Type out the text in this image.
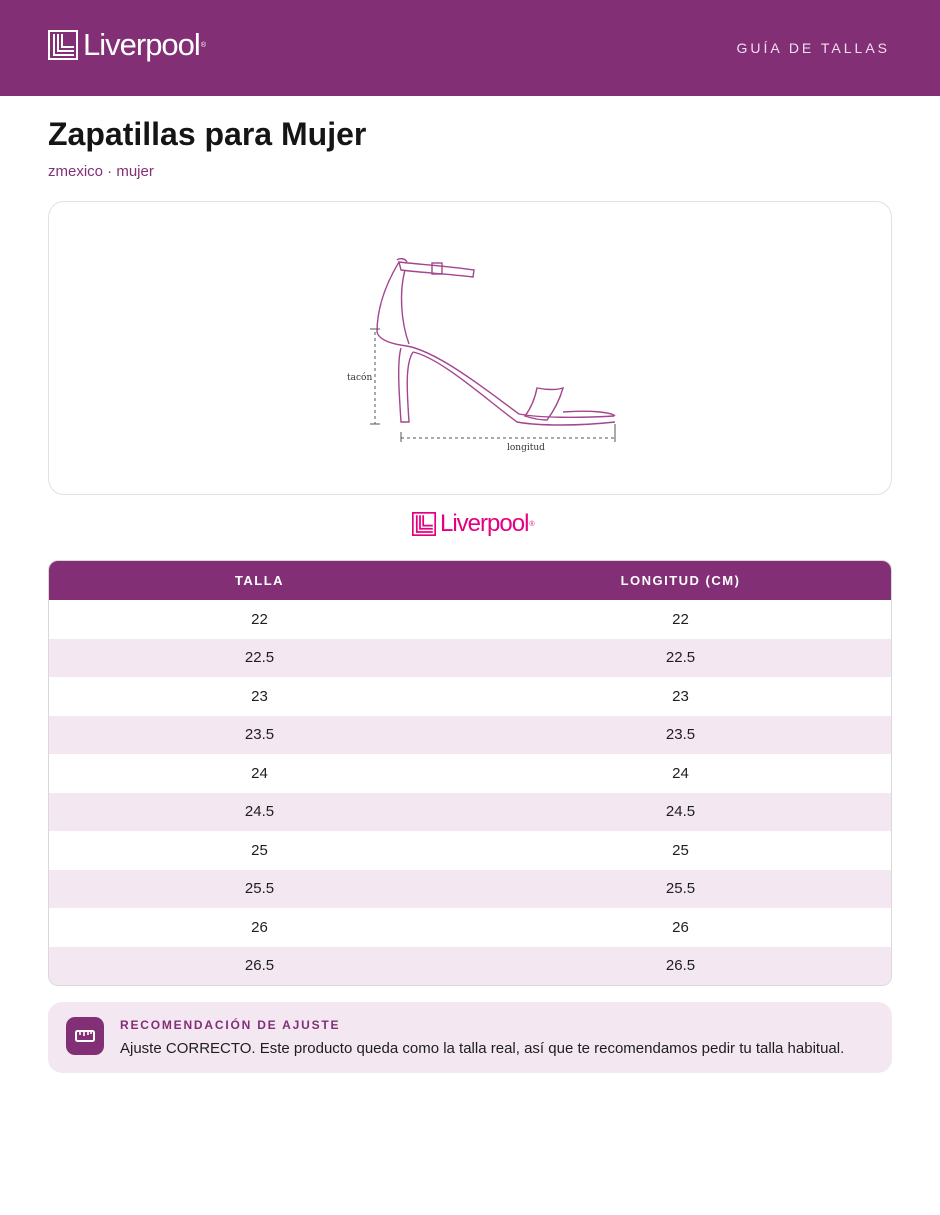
Liverpool ®	GUÍA DE TALLAS
Zapatillas para Mujer
zmexico · mujer
tacón
longitud
Liverpool ®
TALLA	LONGITUD (CM)
22	22
22.5	22.5
23	23
23.5	23.5
24	24
24.5	24.5
25	25
25.5	25.5
26	26
26.5	26.5
RECOMENDACIÓN DE AJUSTE
Ajuste CORRECTO. Este producto queda como la talla real, así que te recomendamos pedir tu talla habitual.
